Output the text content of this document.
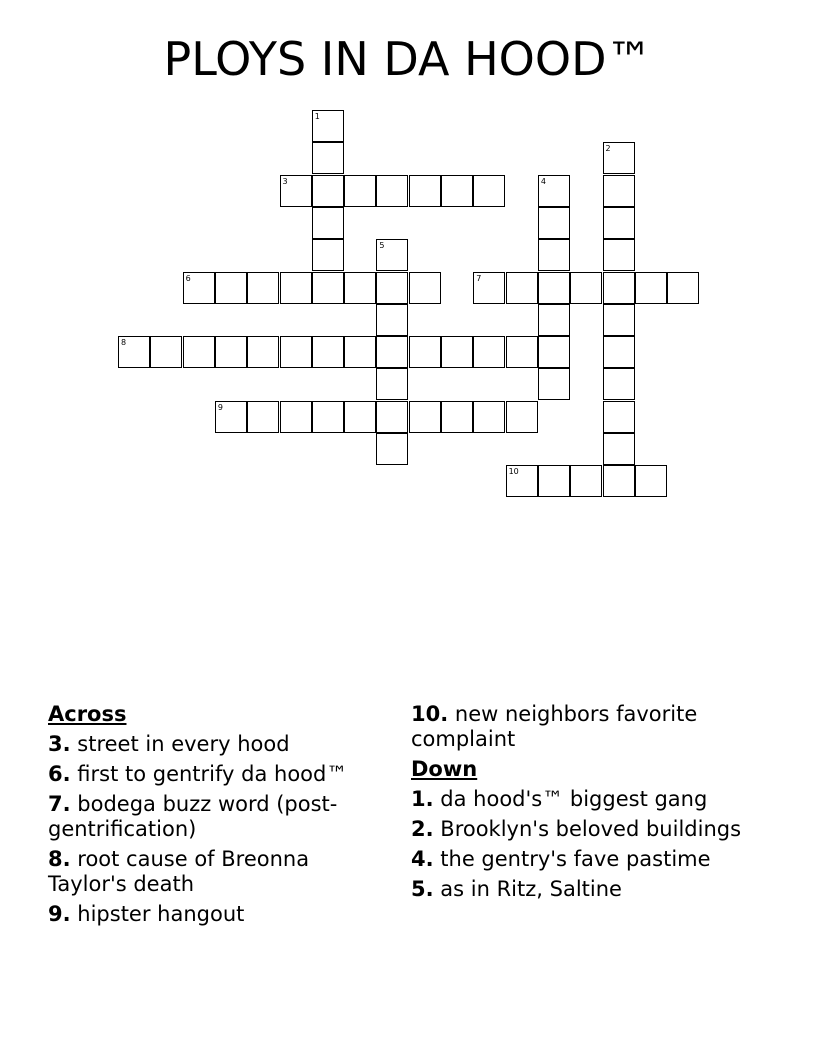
PLOYS IN DA HOOD™
1
2
3	4
5
6	7
8
9
10
Across
3. street in every hood
6. first to gentrify da hood™
7. bodega buzz word (post-gentrification)
8. root cause of Breonna Taylor's death
9. hipster hangout
10. new neighbors favorite complaint
Down
1. da hood's™ biggest gang
2. Brooklyn's beloved buildings
4. the gentry's fave pastime
5. as in Ritz, Saltine
